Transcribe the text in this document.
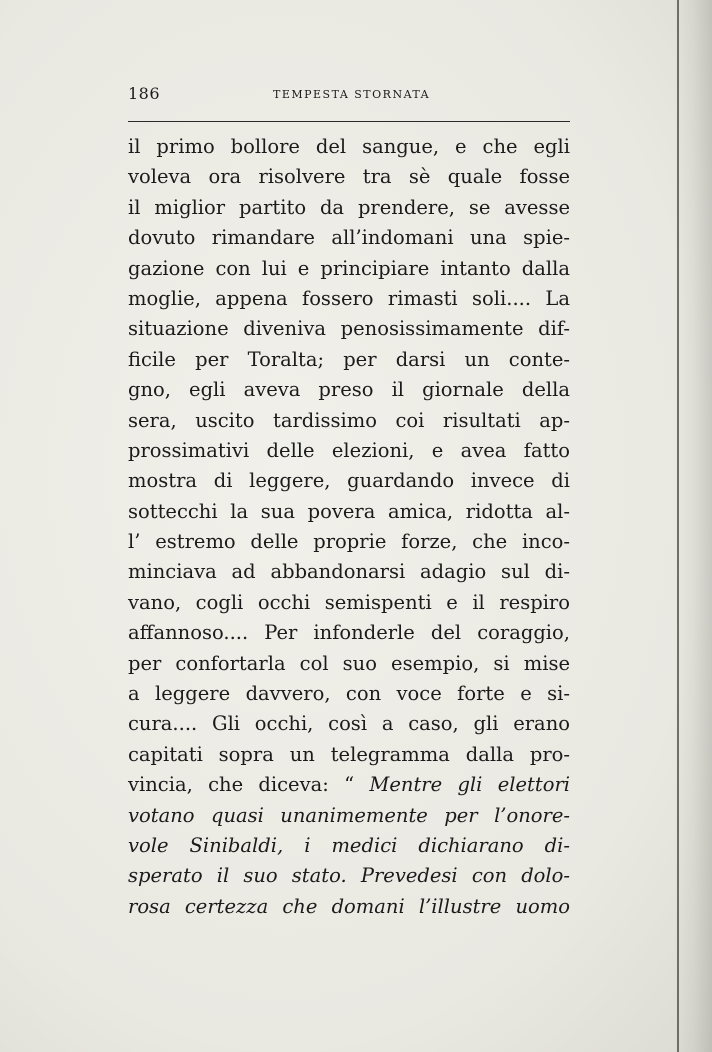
186	TEMPESTA STORNATA
il primo bollore del sangue, e che egli
voleva ora risolvere tra sè quale fosse
il miglior partito da prendere, se avesse
dovuto rimandare all’indomani una spie-
gazione con lui e principiare intanto dalla
moglie, appena fossero rimasti soli.... La
situazione diveniva penosissimamente dif-
ficile per Toralta; per darsi un conte-
gno, egli aveva preso il giornale della
sera, uscito tardissimo coi risultati ap-
prossimativi delle elezioni, e avea fatto
mostra di leggere, guardando invece di
sottecchi la sua povera amica, ridotta al-
l’ estremo delle proprie forze, che inco-
minciava ad abbandonarsi adagio sul di-
vano, cogli occhi semispenti e il respiro
affannoso.... Per infonderle del coraggio,
per confortarla col suo esempio, si mise
a leggere davvero, con voce forte e si-
cura.... Gli occhi, così a caso, gli erano
capitati sopra un telegramma dalla pro-
vincia, che diceva: “ Mentre gli elettori
votano quasi unanimemente per l’onore-
vole Sinibaldi, i medici dichiarano di-
sperato il suo stato. Prevedesi con dolo-
rosa certezza che domani l’illustre uomo
